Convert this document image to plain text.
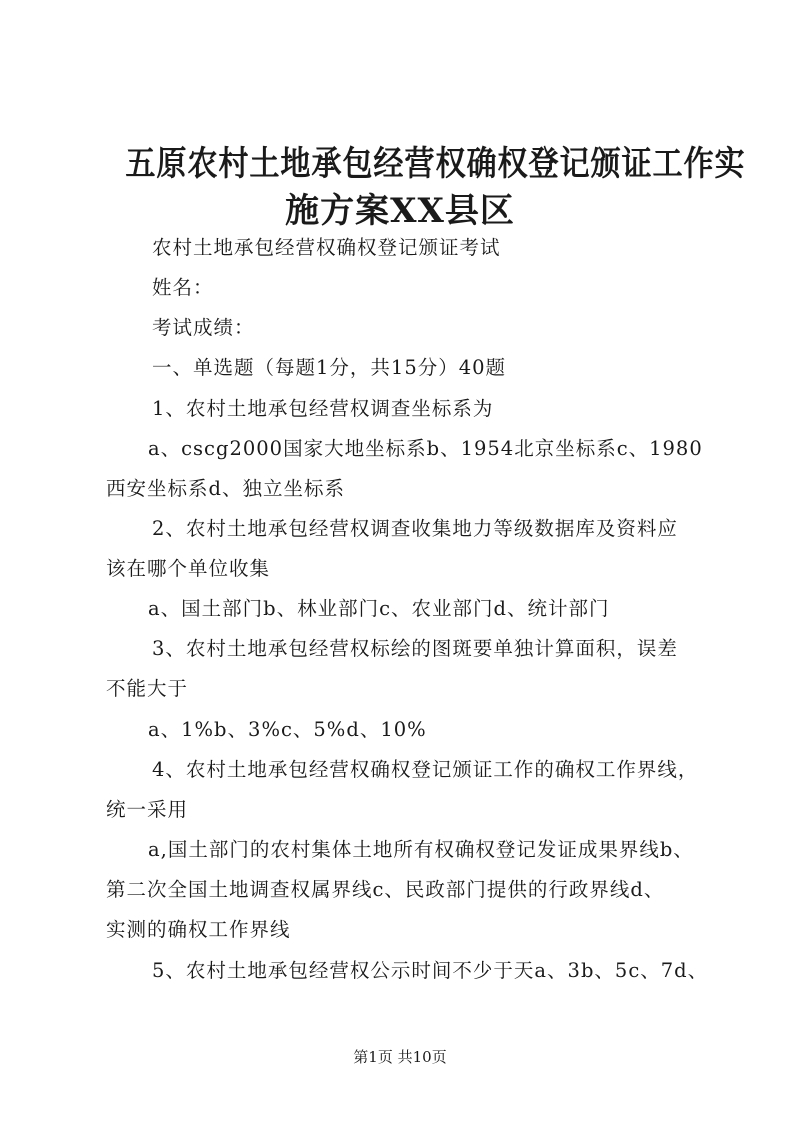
五原农村土地承包经营权确权登记颁证工作实
施方案XX县区

农村土地承包经营权确权登记颁证考试

姓名：

考试成绩：

一、单选题（每题1分，共15分）40题

1、农村土地承包经营权调查坐标系为

a、cscg2000国家大地坐标系b、1954北京坐标系c、1980

西安坐标系d、独立坐标系

2、农村土地承包经营权调查收集地力等级数据库及资料应

该在哪个单位收集

a、国土部门b、林业部门c、农业部门d、统计部门

3、农村土地承包经营权标绘的图斑要单独计算面积，误差

不能大于

a、1%b、3%c、5%d、10%

4、农村土地承包经营权确权登记颁证工作的确权工作界线，

统一采用

a,国土部门的农村集体土地所有权确权登记发证成果界线b、

第二次全国土地调查权属界线c、民政部门提供的行政界线d、

实测的确权工作界线

5、农村土地承包经营权公示时间不少于天a、3b、5c、7d、

第1页 共10页
